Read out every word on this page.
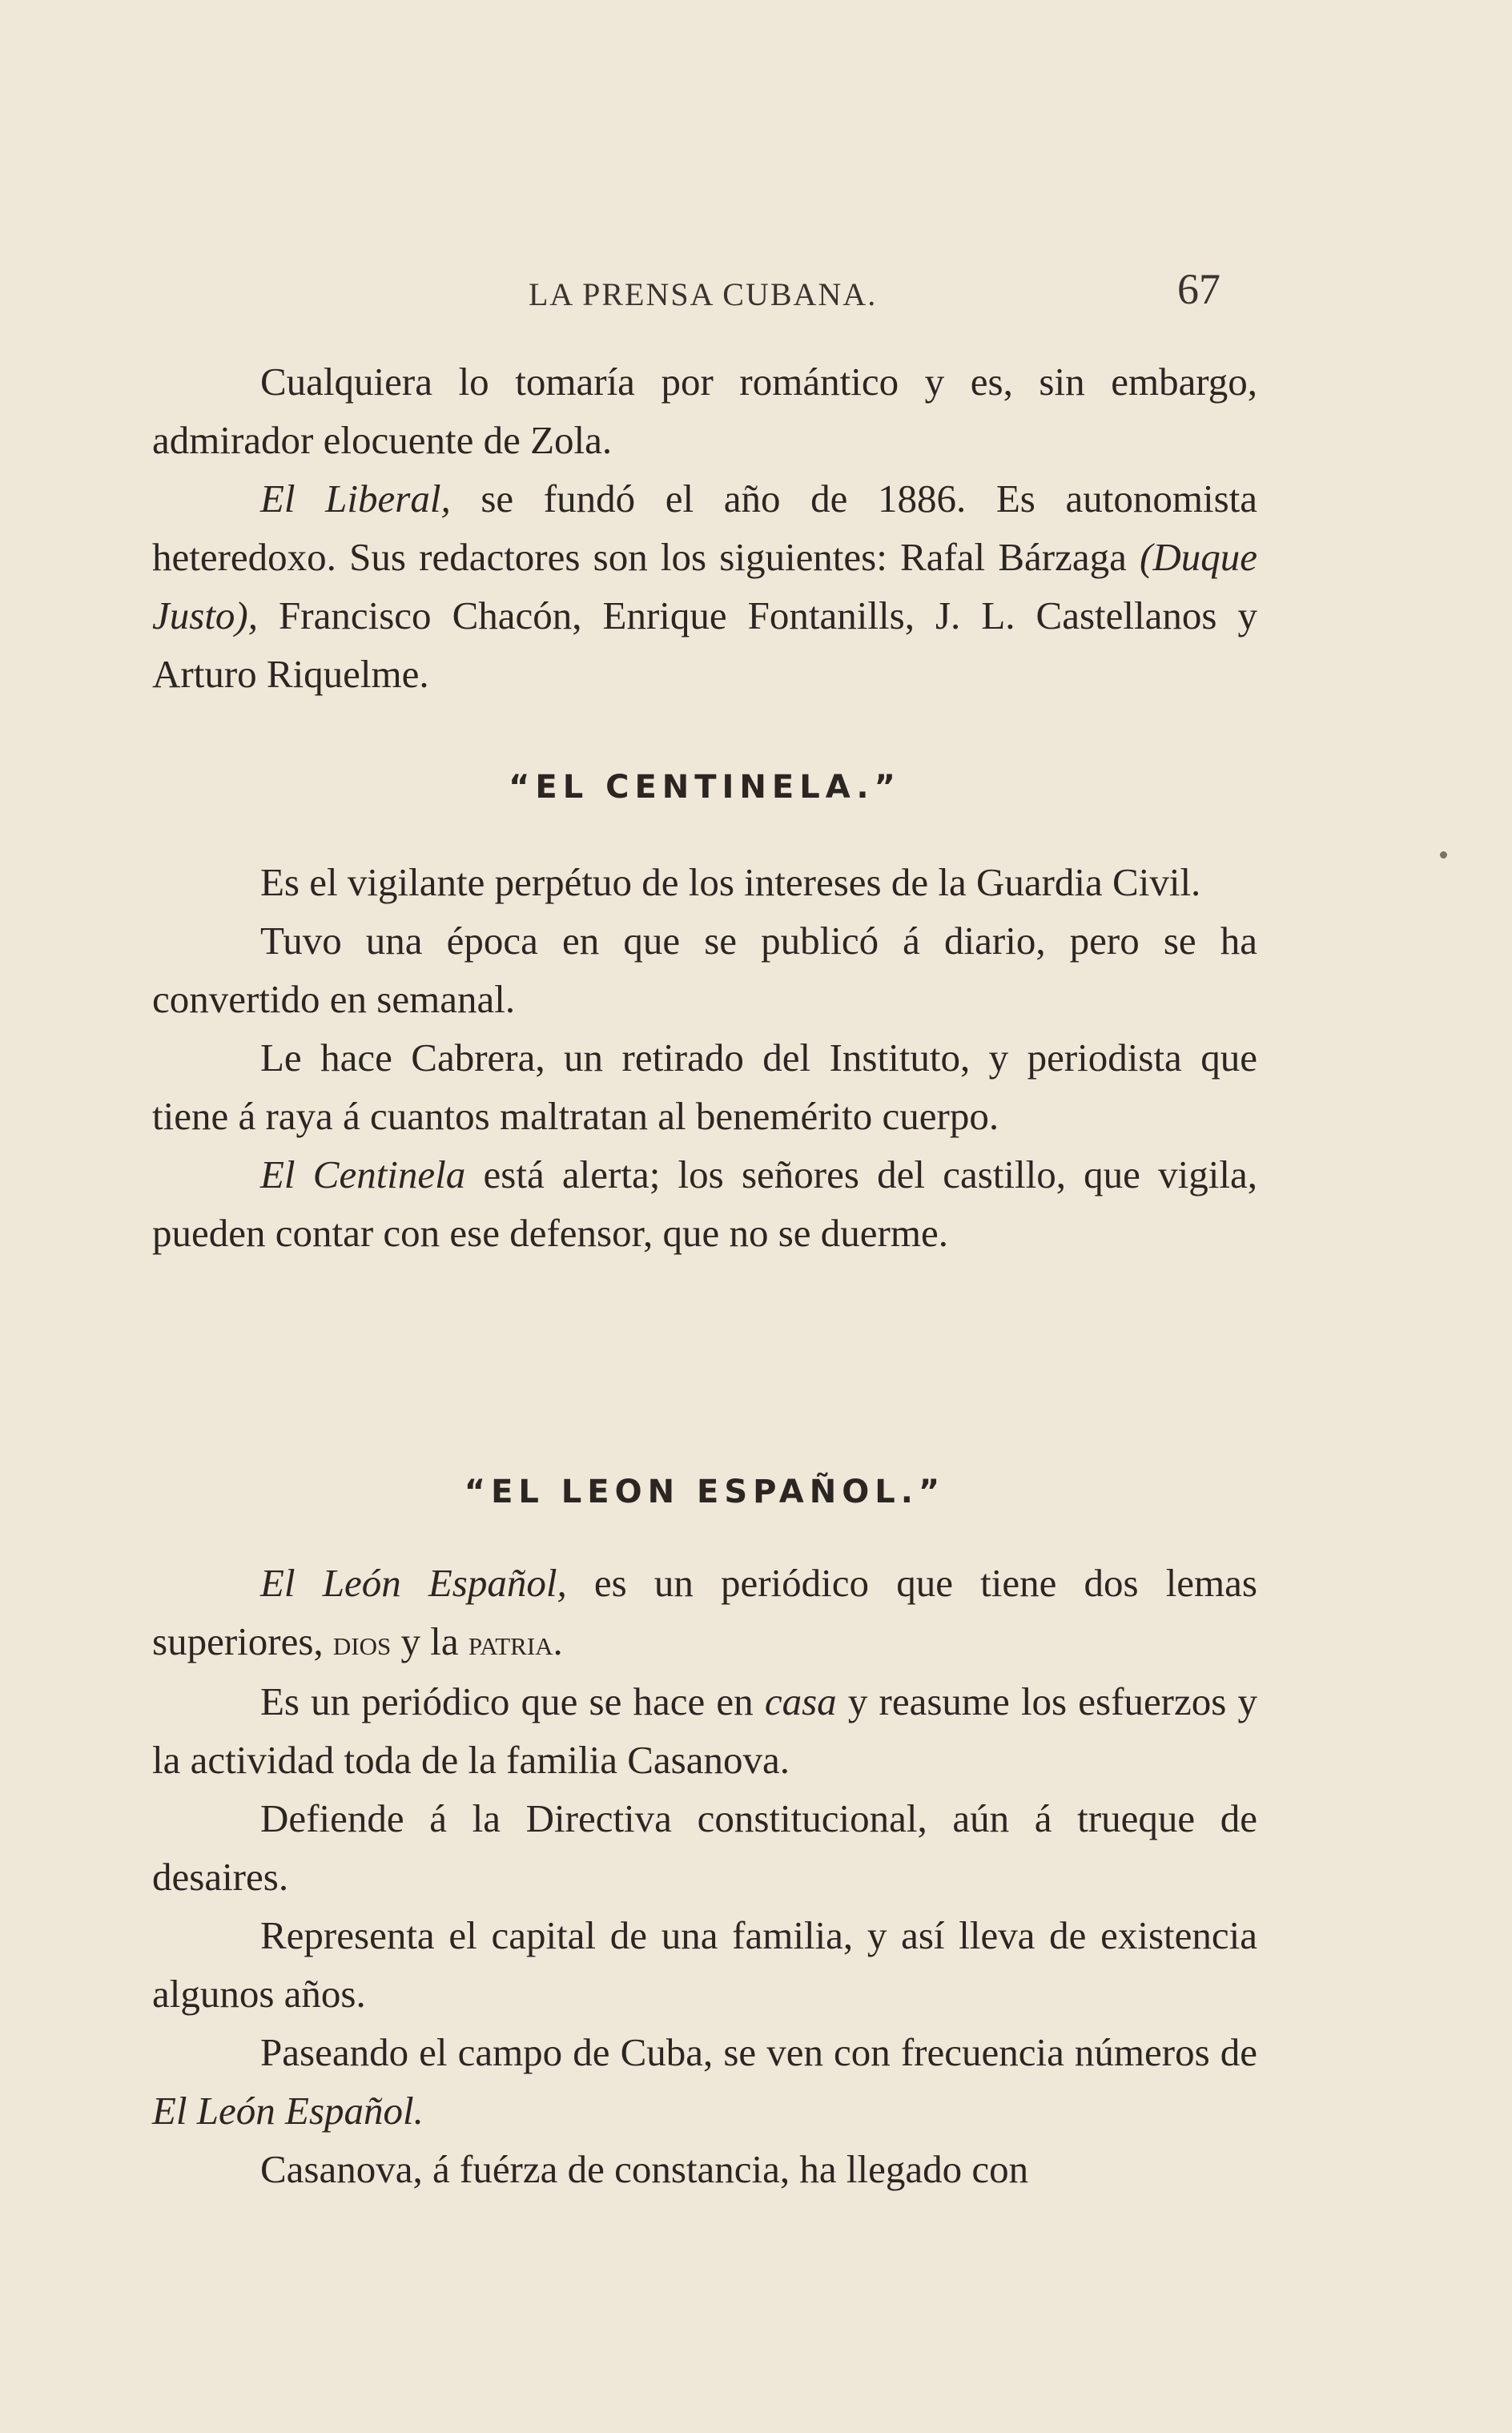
LA PRENSA CUBANA.	67

Cualquiera lo tomaría por romántico y es, sin embargo, admirador elocuente de Zola.

El Liberal, se fundó el año de 1886. Es autonomista heteredoxo. Sus redactores son los siguientes: Rafal Bárzaga (Duque Justo), Francisco Chacón, Enrique Fontanills, J. L. Castellanos y Arturo Riquelme.

“EL CENTINELA.”

Es el vigilante perpétuo de los intereses de la Guardia Civil.

Tuvo una época en que se publicó á diario, pero se ha convertido en semanal.

Le hace Cabrera, un retirado del Instituto, y periodista que tiene á raya á cuantos maltratan al benemérito cuerpo.

El Centinela está alerta; los señores del castillo, que vigila, pueden contar con ese defensor, que no se duerme.

“EL LEON ESPAÑOL.”

El León Español, es un periódico que tiene dos lemas superiores, dios y la patria.

Es un periódico que se hace en casa y reasume los esfuerzos y la actividad toda de la familia Casanova.

Defiende á la Directiva constitucional, aún á trueque de desaires.

Representa el capital de una familia, y así lleva de existencia algunos años.

Paseando el campo de Cuba, se ven con frecuencia números de El León Español.

Casanova, á fuérza de constancia, ha llegado con
